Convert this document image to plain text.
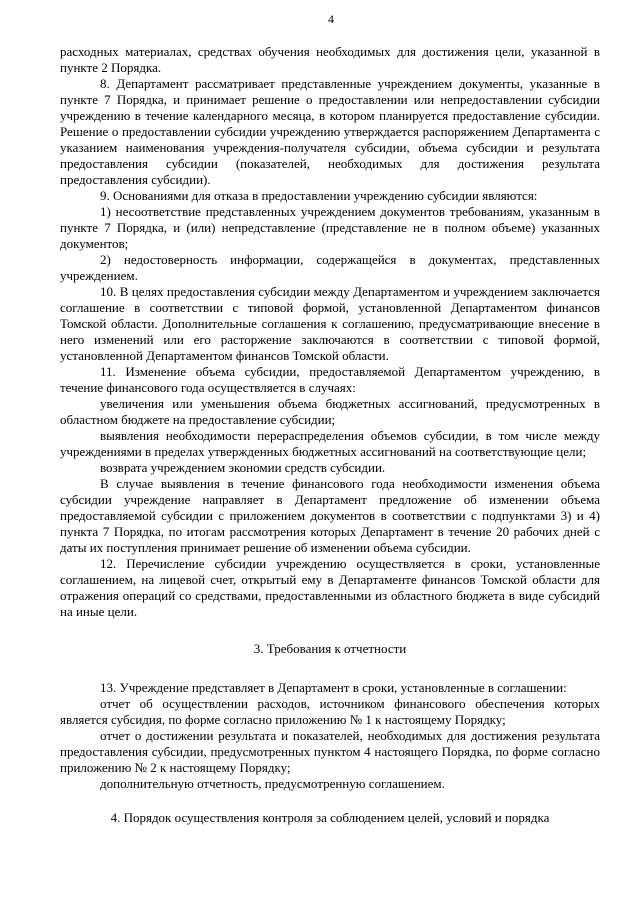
4

расходных материалах, средствах обучения необходимых для достижения цели, указанной в пункте 2 Порядка.

8. Департамент рассматривает представленные учреждением документы, указанные в пункте 7 Порядка, и принимает решение о предоставлении или непредоставлении субсидии учреждению в течение календарного месяца, в котором планируется предоставление субсидии. Решение о предоставлении субсидии учреждению утверждается распоряжением Департамента с указанием наименования учреждения-получателя субсидии, объема субсидии и результата предоставления субсидии (показателей, необходимых для достижения результата предоставления субсидии).

9. Основаниями для отказа в предоставлении учреждению субсидии являются:

1) несоответствие представленных учреждением документов требованиям, указанным в пункте 7 Порядка, и (или) непредставление (представление не в полном объеме) указанных документов;

2) недостоверность информации, содержащейся в документах, представленных учреждением.

10. В целях предоставления субсидии между Департаментом и учреждением заключается соглашение в соответствии с типовой формой, установленной Департаментом финансов Томской области. Дополнительные соглашения к соглашению, предусматривающие внесение в него изменений или его расторжение заключаются в соответствии с типовой формой, установленной Департаментом финансов Томской области.

11. Изменение объема субсидии, предоставляемой Департаментом учреждению, в течение финансового года осуществляется в случаях:

увеличения или уменьшения объема бюджетных ассигнований, предусмотренных в областном бюджете на предоставление субсидии;

выявления необходимости перераспределения объемов субсидии, в том числе между учреждениями в пределах утвержденных бюджетных ассигнований на соответствующие цели;

возврата учреждением экономии средств субсидии.

В случае выявления в течение финансового года необходимости изменения объема субсидии учреждение направляет в Департамент предложение об изменении объема предоставляемой субсидии с приложением документов в соответствии с подпунктами 3) и 4) пункта 7 Порядка, по итогам рассмотрения которых Департамент в течение 20 рабочих дней с даты их поступления принимает решение об изменении объема субсидии.

12. Перечисление субсидии учреждению осуществляется в сроки, установленные соглашением, на лицевой счет, открытый ему в Департаменте финансов Томской области для отражения операций со средствами, предоставленными из областного бюджета в виде субсидий на иные цели.

3. Требования к отчетности

13. Учреждение представляет в Департамент в сроки, установленные в соглашении:

отчет об осуществлении расходов, источником финансового обеспечения которых является субсидия, по форме согласно приложению № 1 к настоящему Порядку;

отчет о достижении результата и показателей, необходимых для достижения результата предоставления субсидии, предусмотренных пунктом 4 настоящего Порядка, по форме согласно приложению № 2 к настоящему Порядку;

дополнительную отчетность, предусмотренную соглашением.

4. Порядок осуществления контроля за соблюдением целей, условий и порядка
